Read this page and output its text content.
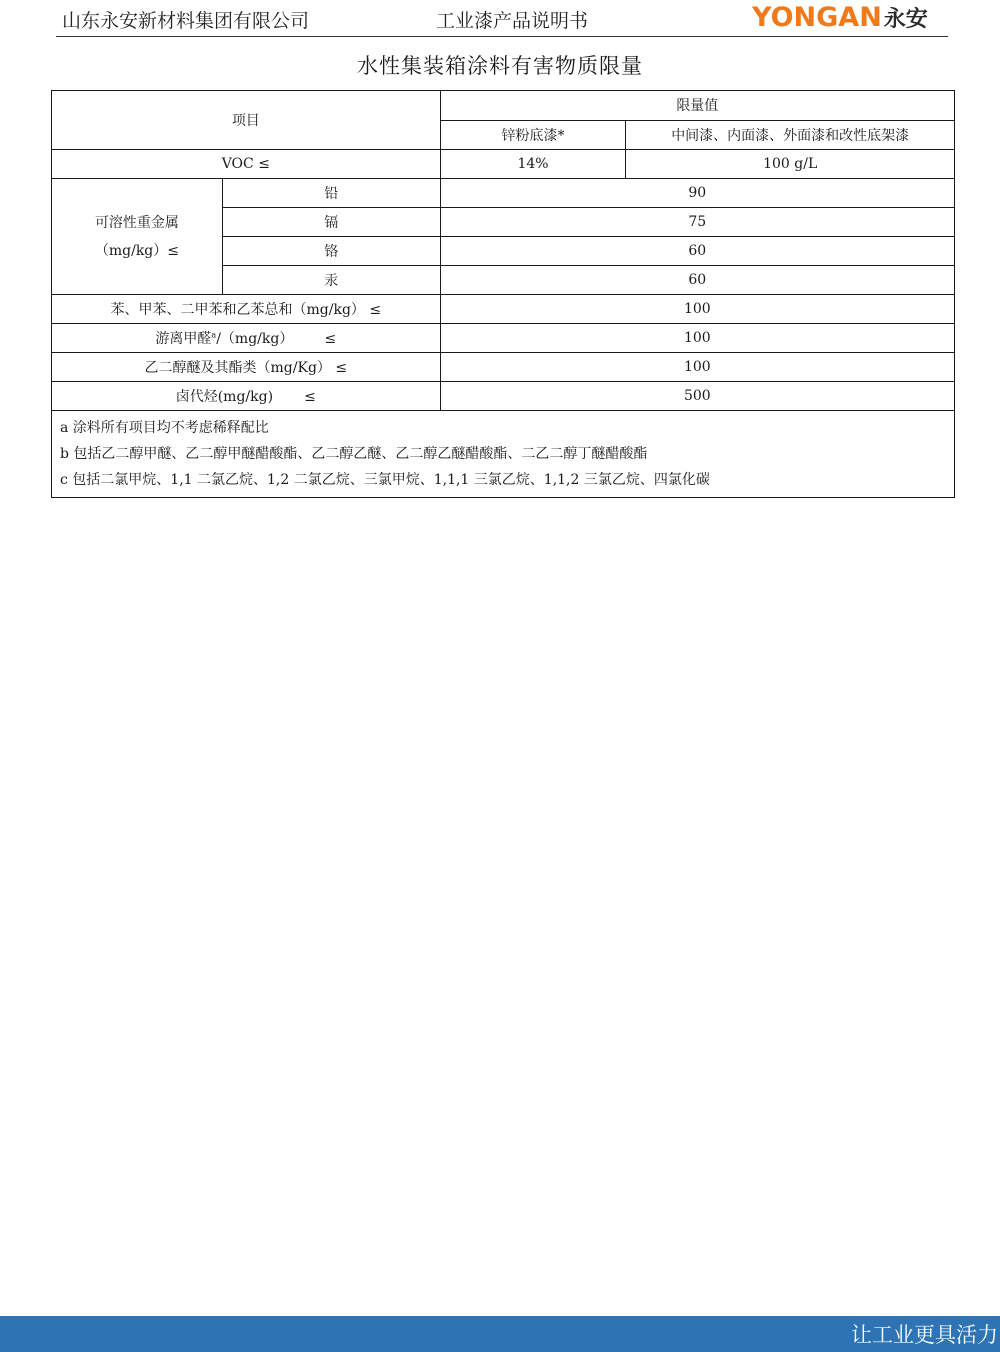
山东永安新材料集团有限公司	工业漆产品说明书	YONGAN 永安
水性集装箱涂料有害物质限量
项目		限量值	
		锌粉底漆*	中间漆、内面漆、外面漆和改性底架漆
VOC ≤		14%	100 g/L

可溶性重金属
（mg/kg）≤	铅	90	
	镉	75	
	铬	60	
	汞	60	
苯、甲苯、二甲苯和乙苯总和（mg/kg） ≤		100	
游离甲醛$^a$/（mg/kg）       ≤		100	
乙二醇醚及其酯类（mg/Kg） ≤		100	
卤代烃(mg/kg)       ≤		500	

a 涂料所有项目均不考虑稀释配比
b 包括乙二醇甲醚、乙二醇甲醚醋酸酯、乙二醇乙醚、乙二醇乙醚醋酸酯、二乙二醇丁醚醋酸酯
c 包括二氯甲烷、1,1 二氯乙烷、1,2 二氯乙烷、三氯甲烷、1,1,1 三氯乙烷、1,1,2 三氯乙烷、四氯化碳			
让工业更具活力
